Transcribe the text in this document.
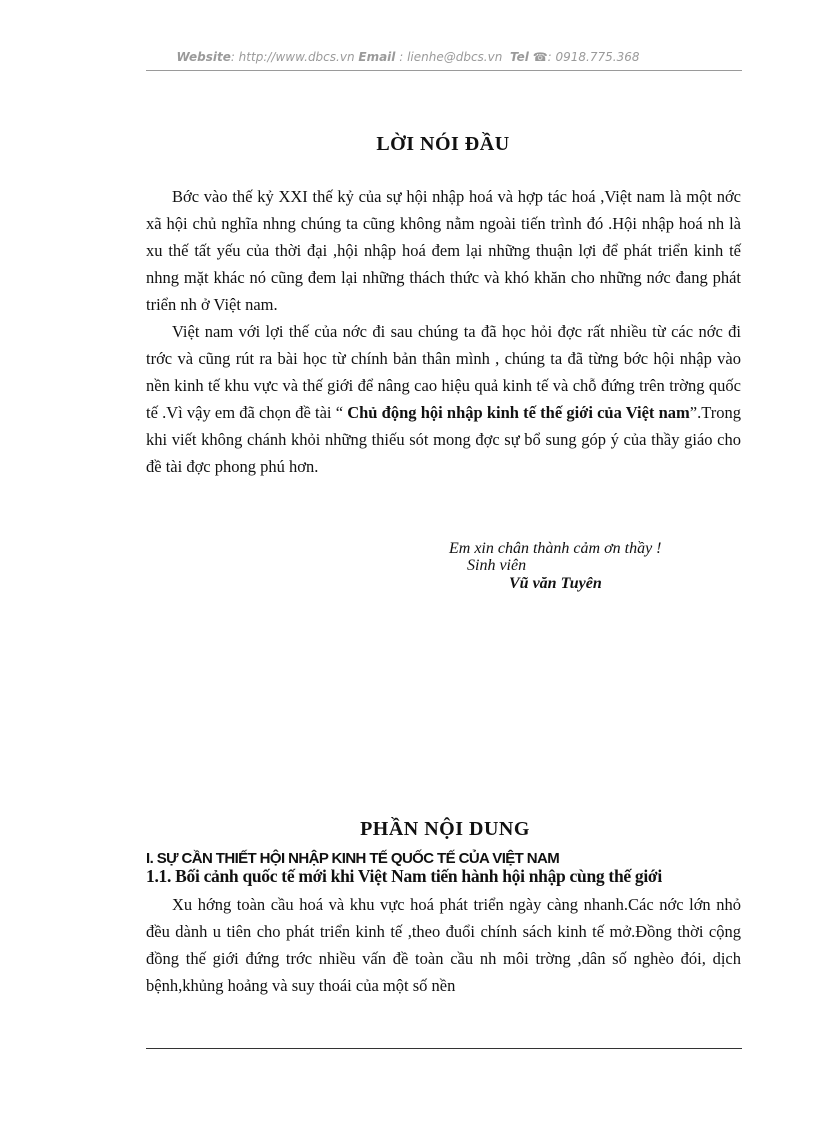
Website: http://www.dbcs.vn Email : lienhe@dbcs.vn Tel ☎: 0918.775.368
LỜI NÓI ĐẦU
Bớc vào thế kỷ XXI thế kỷ của sự hội nhập hoá và hợp tác hoá ,Việt nam là một nớc xã hội chủ nghĩa nhng chúng ta cũng không nằm ngoài tiến trình đó .Hội nhập hoá nh là xu thế tất yếu của thời đại ,hội nhập hoá đem lại những thuận lợi để phát triển kinh tế nhng mặt khác nó cũng đem lại những thách thức và khó khăn cho những nớc đang phát triển nh ở Việt nam.
Việt nam với lợi thế của nớc đi sau chúng ta đã học hỏi đợc rất nhiều từ các nớc đi trớc và cũng rút ra bài học từ chính bản thân mình , chúng ta đã từng bớc hội nhập vào nền kinh tế khu vực và thế giới để nâng cao hiệu quả kinh tế và chỗ đứng trên trờng quốc tế .Vì vậy em đã chọn đề tài “ Chủ động hội nhập kinh tế thế giới của Việt nam”.Trong khi viết không chánh khỏi những thiếu sót mong đợc sự bổ sung góp ý của thầy giáo cho đề tài đợc phong phú hơn.
Em xin chân thành cảm ơn thầy !
Sinh viên
Vũ văn Tuyên
PHẦN NỘI DUNG
I. SỰ CẦN THIẾT HỘI NHẬP KINH TẾ QUỐC TẾ CỦA VIỆT NAM
1.1. Bối cảnh quốc tế mới khi Việt Nam tiến hành hội nhập cùng thế giới
Xu hớng toàn cầu hoá và khu vực hoá phát triển ngày càng nhanh.Các nớc lớn nhỏ đều dành u tiên cho phát triển kinh tế ,theo đuổi chính sách kinh tế mở.Đồng thời cộng đồng thế giới đứng trớc nhiều vấn đề toàn cầu nh môi trờng ,dân số nghèo đói, dịch bệnh,khủng hoảng và suy thoái của một số nền
